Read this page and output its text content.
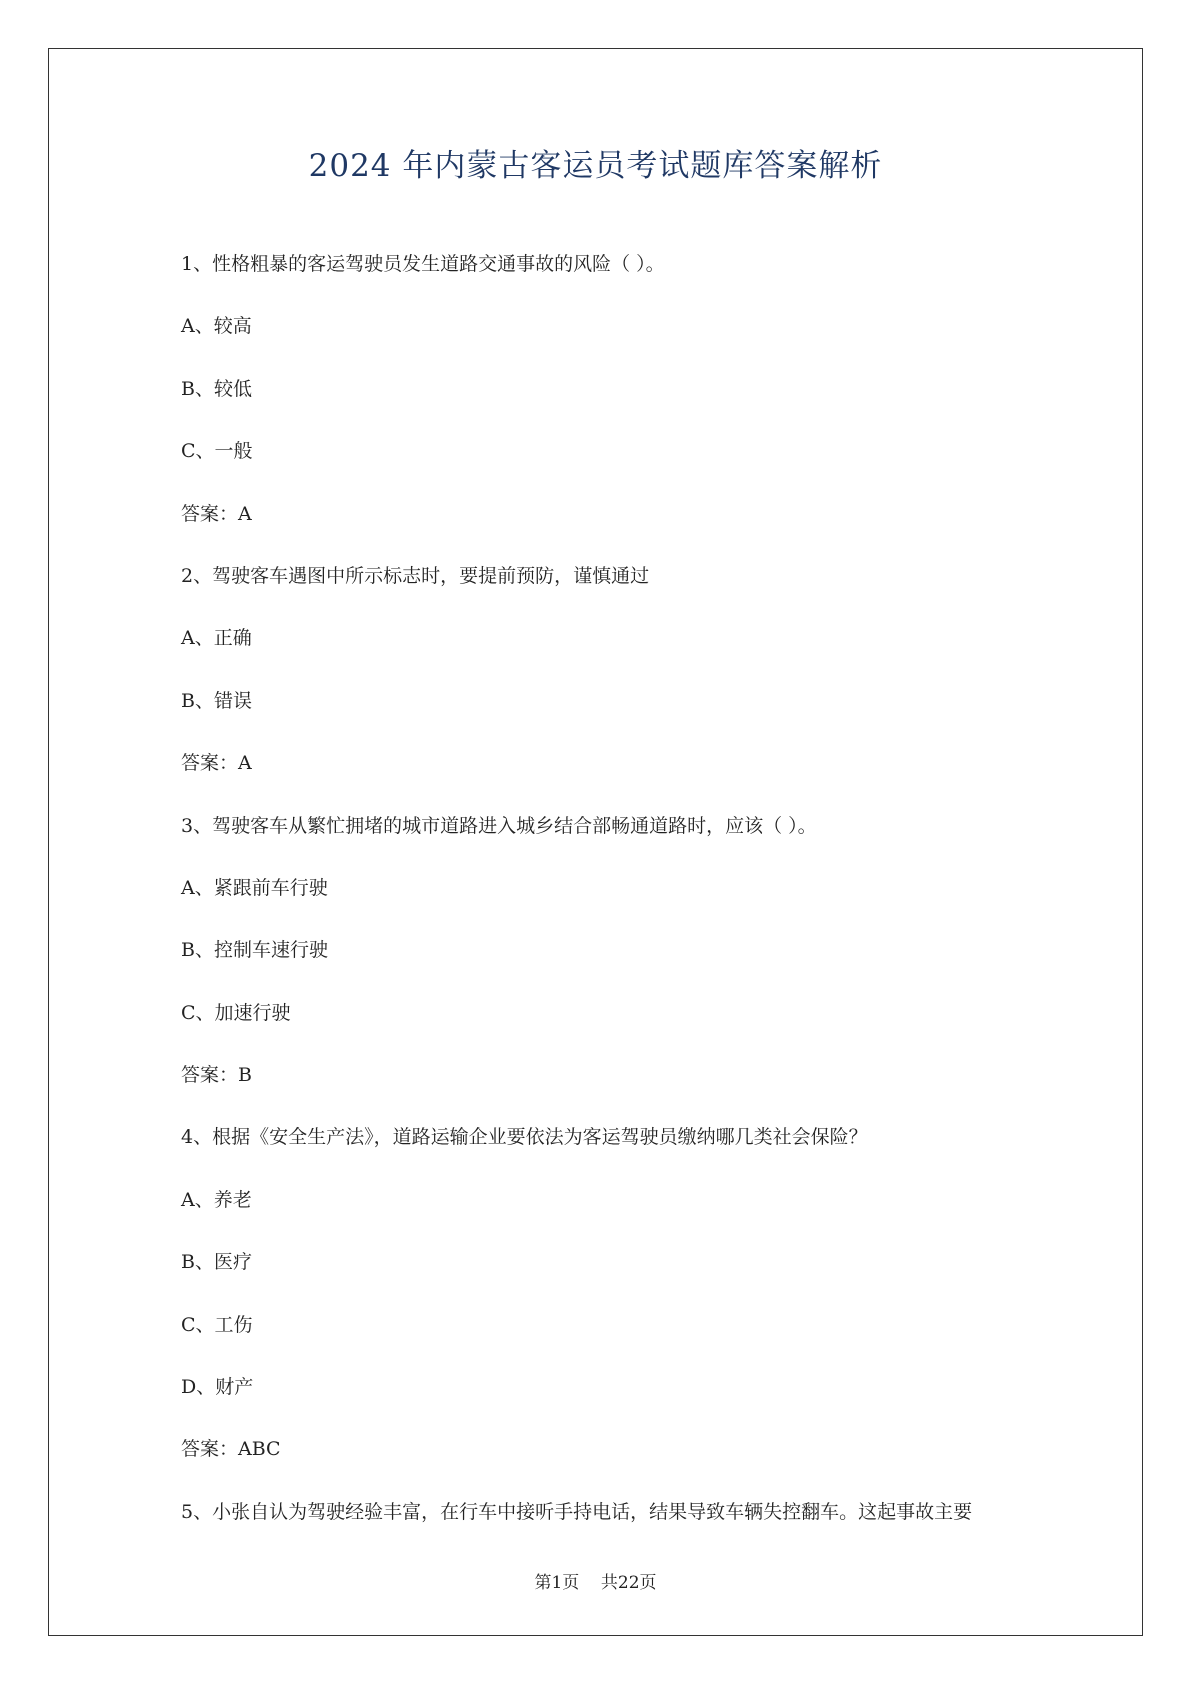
2024 年内蒙古客运员考试题库答案解析
1、性格粗暴的客运驾驶员发生道路交通事故的风险（ ）。
A、较高
B、较低
C、一般
答案：A
2、驾驶客车遇图中所示标志时，要提前预防，谨慎通过
A、正确
B、错误
答案：A
3、驾驶客车从繁忙拥堵的城市道路进入城乡结合部畅通道路时，应该（ ）。
A、紧跟前车行驶
B、控制车速行驶
C、加速行驶
答案：B
4、根据《安全生产法》，道路运输企业要依法为客运驾驶员缴纳哪几类社会保险？
A、养老
B、医疗
C、工伤
D、财产
答案：ABC
5、小张自认为驾驶经验丰富，在行车中接听手持电话，结果导致车辆失控翻车。这起事故主要
第1页    共22页
